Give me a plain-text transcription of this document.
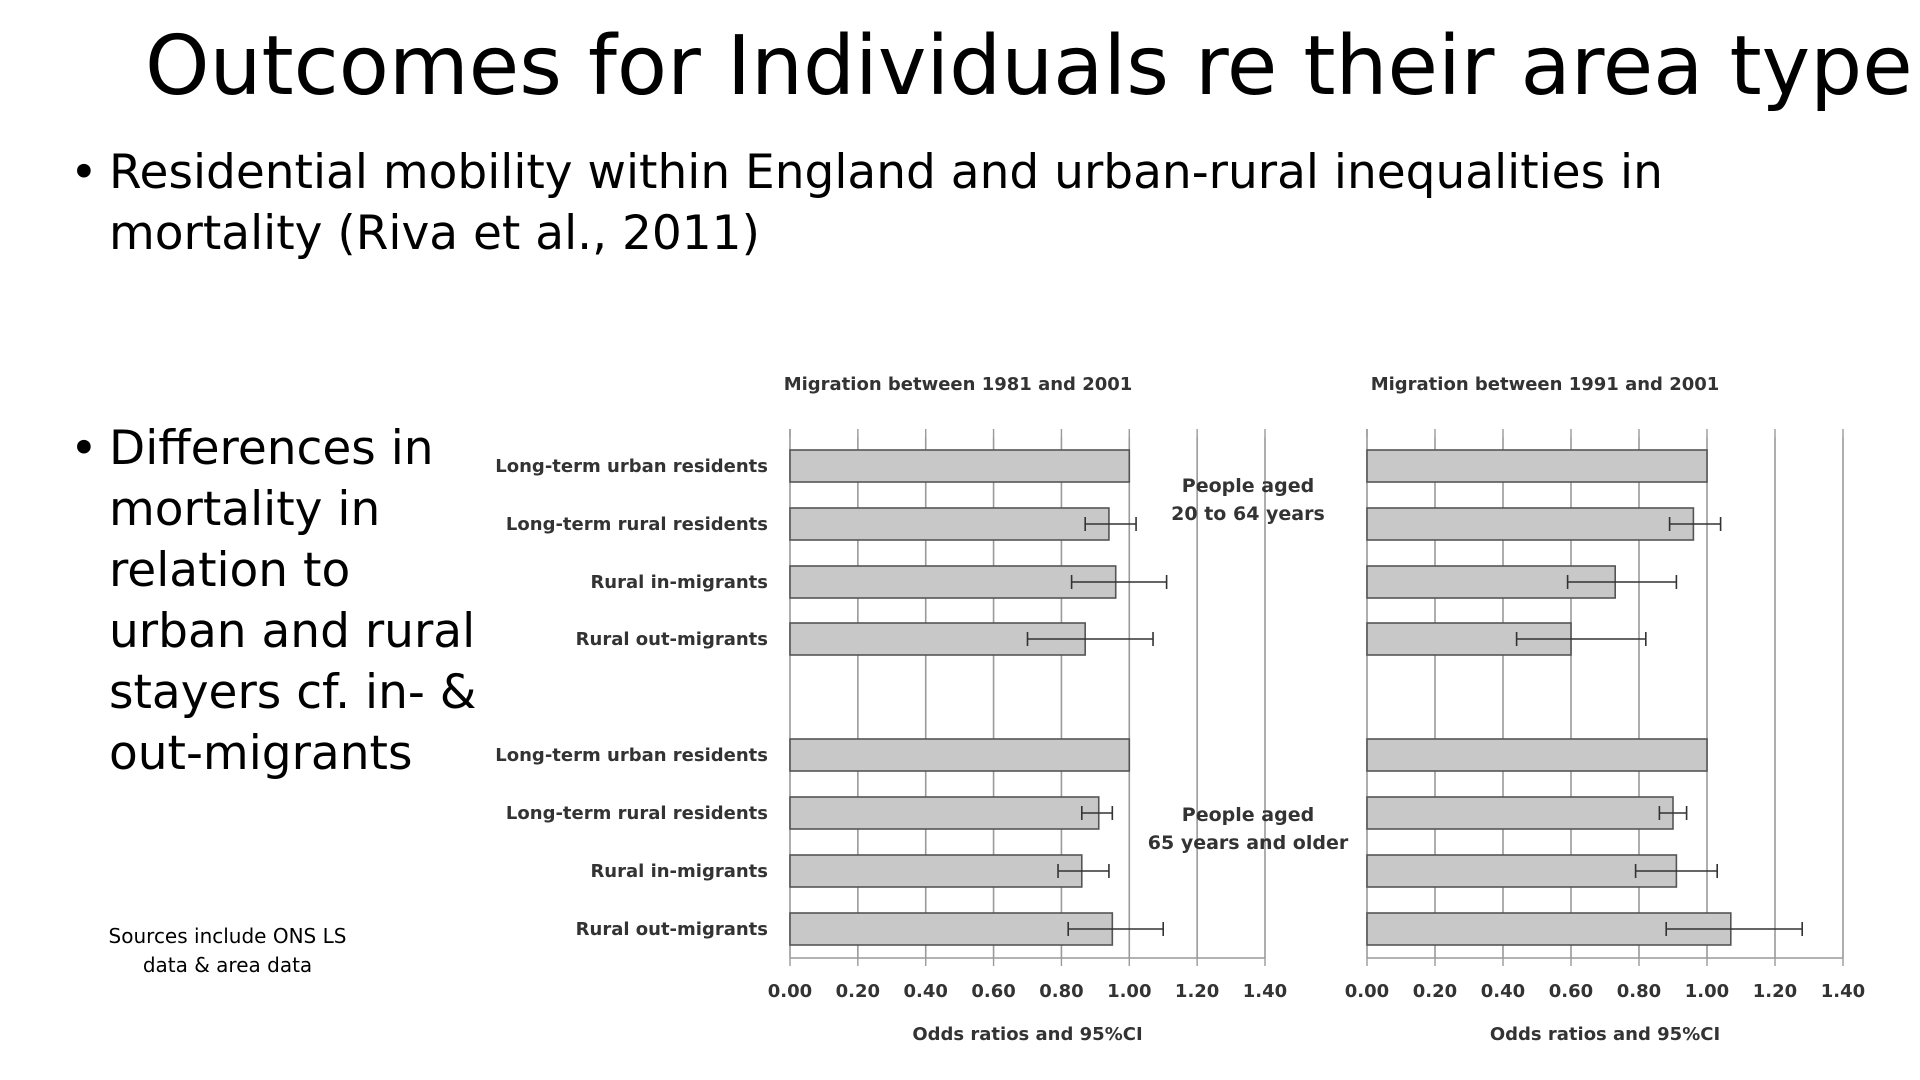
Outcomes for Individuals re their area type
• Residential mobility within England and urban-rural inequalities in mortality (Riva et al., 2011)
• Differences in mortality in relation to urban and rural stayers cf. in- & out-migrants
Sources include ONS LS data & area data
0.00 0.20 0.40 0.60 0.80 1.00 1.20 1.40
Migration between 1981 and 2001
Odds ratios and 95%CI
Long-term urban residents
Long-term rural residents
Rural in-migrants
Rural out-migrants
People aged
20 to 64 years
Long-term urban residents
Long-term rural residents
Rural in-migrants
Rural out-migrants
People aged
65 years and older
0.00 0.20 0.40 0.60 0.80 1.00 1.20 1.40
Migration between 1991 and 2001
Odds ratios and 95%CI
